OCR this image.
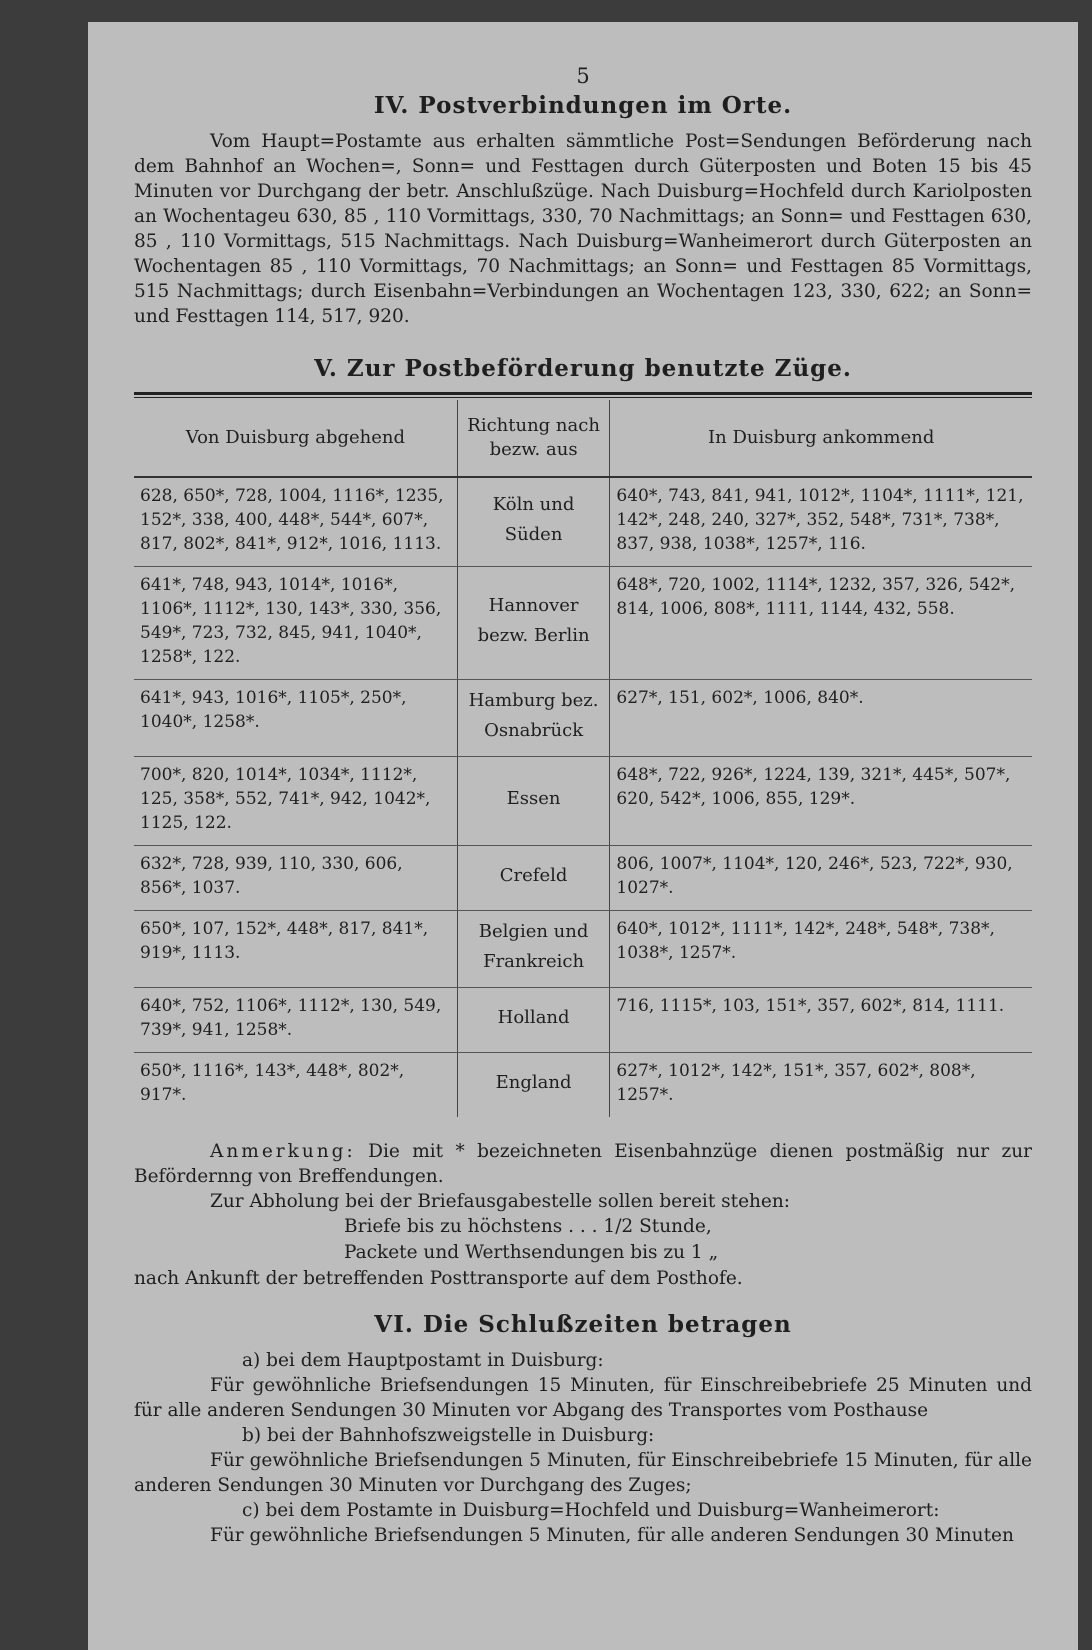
5
IV. Postverbindungen im Orte.

Vom Haupt=Postamte aus erhalten sämmtliche Post=Sendungen Beförderung nach dem Bahnhof an Wochen=, Sonn= und Festtagen durch Güterposten und Boten 15 bis 45 Minuten vor Durchgang der betr. Anschlußzüge. Nach Duisburg=Hochfeld durch Kariolposten an Wochentageu 630, 85 , 110 Vormittags, 330, 70 Nachmittags; an Sonn= und Festtagen 630, 85 , 110 Vormittags, 515 Nachmittags. Nach Duisburg=Wanheimerort durch Güterposten an Wochentagen 85 , 110 Vormittags, 70 Nachmittags; an Sonn= und Festtagen 85 Vormittags, 515 Nachmittags; durch Eisenbahn=Verbindungen an Wochentagen 123, 330, 622; an Sonn= und Festtagen 114, 517, 920.

V. Zur Postbeförderung benutzte Züge.
Von Duisburg abgehend	Richtung nach bezw. aus	In Duisburg ankommend
628, 650*, 728, 1004, 1116*, 1235, 152*, 338, 400, 448*, 544*, 607*, 817, 802*, 841*, 912*, 1016, 1113.	Köln und Süden	640*, 743, 841, 941, 1012*, 1104*, 1111*, 121, 142*, 248, 240, 327*, 352, 548*, 731*, 738*, 837, 938, 1038*, 1257*, 116.
641*, 748, 943, 1014*, 1016*, 1106*, 1112*, 130, 143*, 330, 356, 549*, 723, 732, 845, 941, 1040*, 1258*, 122.	Hannover bezw. Berlin	648*, 720, 1002, 1114*, 1232, 357, 326, 542*, 814, 1006, 808*, 1111, 1144, 432, 558.
641*, 943, 1016*, 1105*, 250*, 1040*, 1258*.	Hamburg bez. Osnabrück	627*, 151, 602*, 1006, 840*.
700*, 820, 1014*, 1034*, 1112*, 125, 358*, 552, 741*, 942, 1042*, 1125, 122.	Essen	648*, 722, 926*, 1224, 139, 321*, 445*, 507*, 620, 542*, 1006, 855, 129*.
632*, 728, 939, 110, 330, 606, 856*, 1037.	Crefeld	806, 1007*, 1104*, 120, 246*, 523, 722*, 930, 1027*.
650*, 107, 152*, 448*, 817, 841*, 919*, 1113.	Belgien und Frankreich	640*, 1012*, 1111*, 142*, 248*, 548*, 738*, 1038*, 1257*.
640*, 752, 1106*, 1112*, 130, 549, 739*, 941, 1258*.	Holland	716, 1115*, 103, 151*, 357, 602*, 814, 1111.
650*, 1116*, 143*, 448*, 802*, 917*.	England	627*, 1012*, 142*, 151*, 357, 602*, 808*, 1257*.

Anmerkung: Die mit * bezeichneten Eisenbahnzüge dienen postmäßig nur zur Befördernng von Breffendungen.

Zur Abholung bei der Briefausgabestelle sollen bereit stehen:

Briefe bis zu höchstens . . . 1/2 Stunde,
Packete und Werthsendungen bis zu 1 „

nach Ankunft der betreffenden Posttransporte auf dem Posthofe.

VI. Die Schlußzeiten betragen

a) bei dem Hauptpostamt in Duisburg:

Für gewöhnliche Briefsendungen 15 Minuten, für Einschreibebriefe 25 Minuten und für alle anderen Sendungen 30 Minuten vor Abgang des Transportes vom Posthause

b) bei der Bahnhofszweigstelle in Duisburg:

Für gewöhnliche Briefsendungen 5 Minuten, für Einschreibebriefe 15 Minuten, für alle anderen Sendungen 30 Minuten vor Durchgang des Zuges;

c) bei dem Postamte in Duisburg=Hochfeld und Duisburg=Wanheimerort:

Für gewöhnliche Briefsendungen 5 Minuten, für alle anderen Sendungen 30 Minuten
